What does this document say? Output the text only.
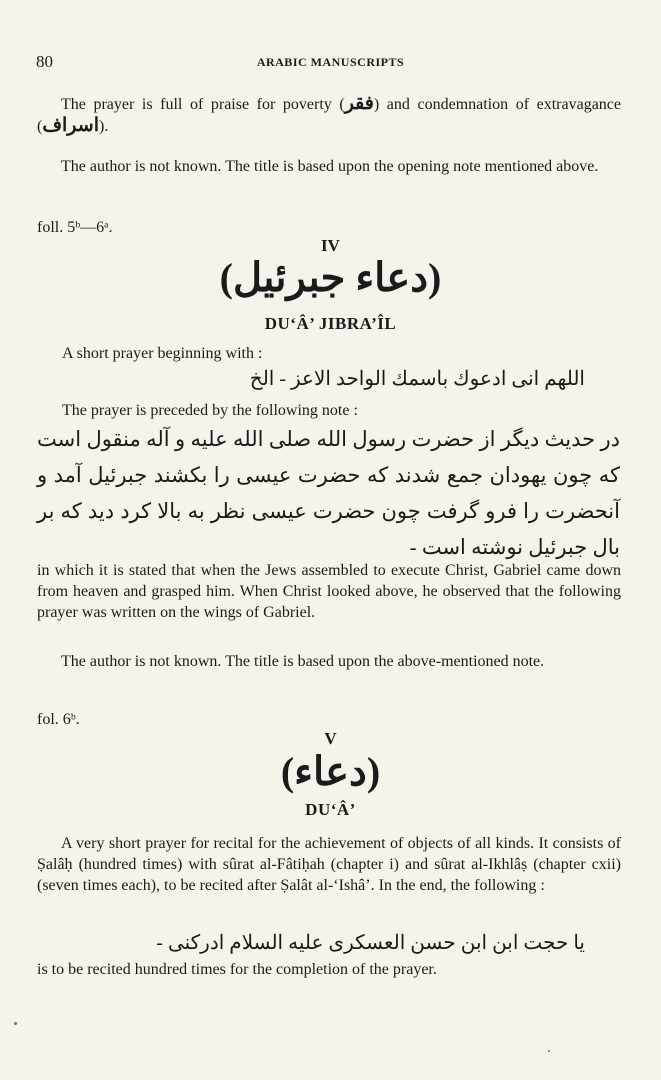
80	ARABIC MANUSCRIPTS

The prayer is full of praise for poverty (فقر) and condemnation of extravagance (اسراف).

The author is not known. The title is based upon the opening note mentioned above.

foll. 5ᵇ—6ᵃ.
IV
(دعاء جبرئيل)
DU‘Â’ JIBRA’ÎL
A short prayer beginning with :
اللهم انى ادعوك باسمك الواحد الاعز - الخ
The prayer is preceded by the following note :
در حدیث دیگر از حضرت رسول الله صلی الله علیه و آله منقول است که چون یهودان جمع شدند که حضرت عیسی را بکشند جبرئیل آمد و آنحضرت را فرو گرفت چون حضرت عیسی نظر به بالا کرد دید که بر بال جبرئیل نوشته است -

in which it is stated that when the Jews assembled to execute Christ, Gabriel came down from heaven and grasped him. When Christ looked above, he observed that the following prayer was written on the wings of Gabriel.

The author is not known. The title is based upon the above-mentioned note.

fol. 6ᵇ.
V
(دعاء)
DU‘Â’

A very short prayer for recital for the achievement of objects of all kinds. It consists of Ṣalâḥ (hundred times) with sûrat al-Fâtiḥah (chapter i) and sûrat al-Ikhlâṣ (chapter cxii) (seven times each), to be recited after Ṣalât al-‘Ishâ’. In the end, the following :

يا حجت ابن ابن حسن العسکری علیه السلام ادرکنی -

is to be recited hundred times for the completion of the prayer.
